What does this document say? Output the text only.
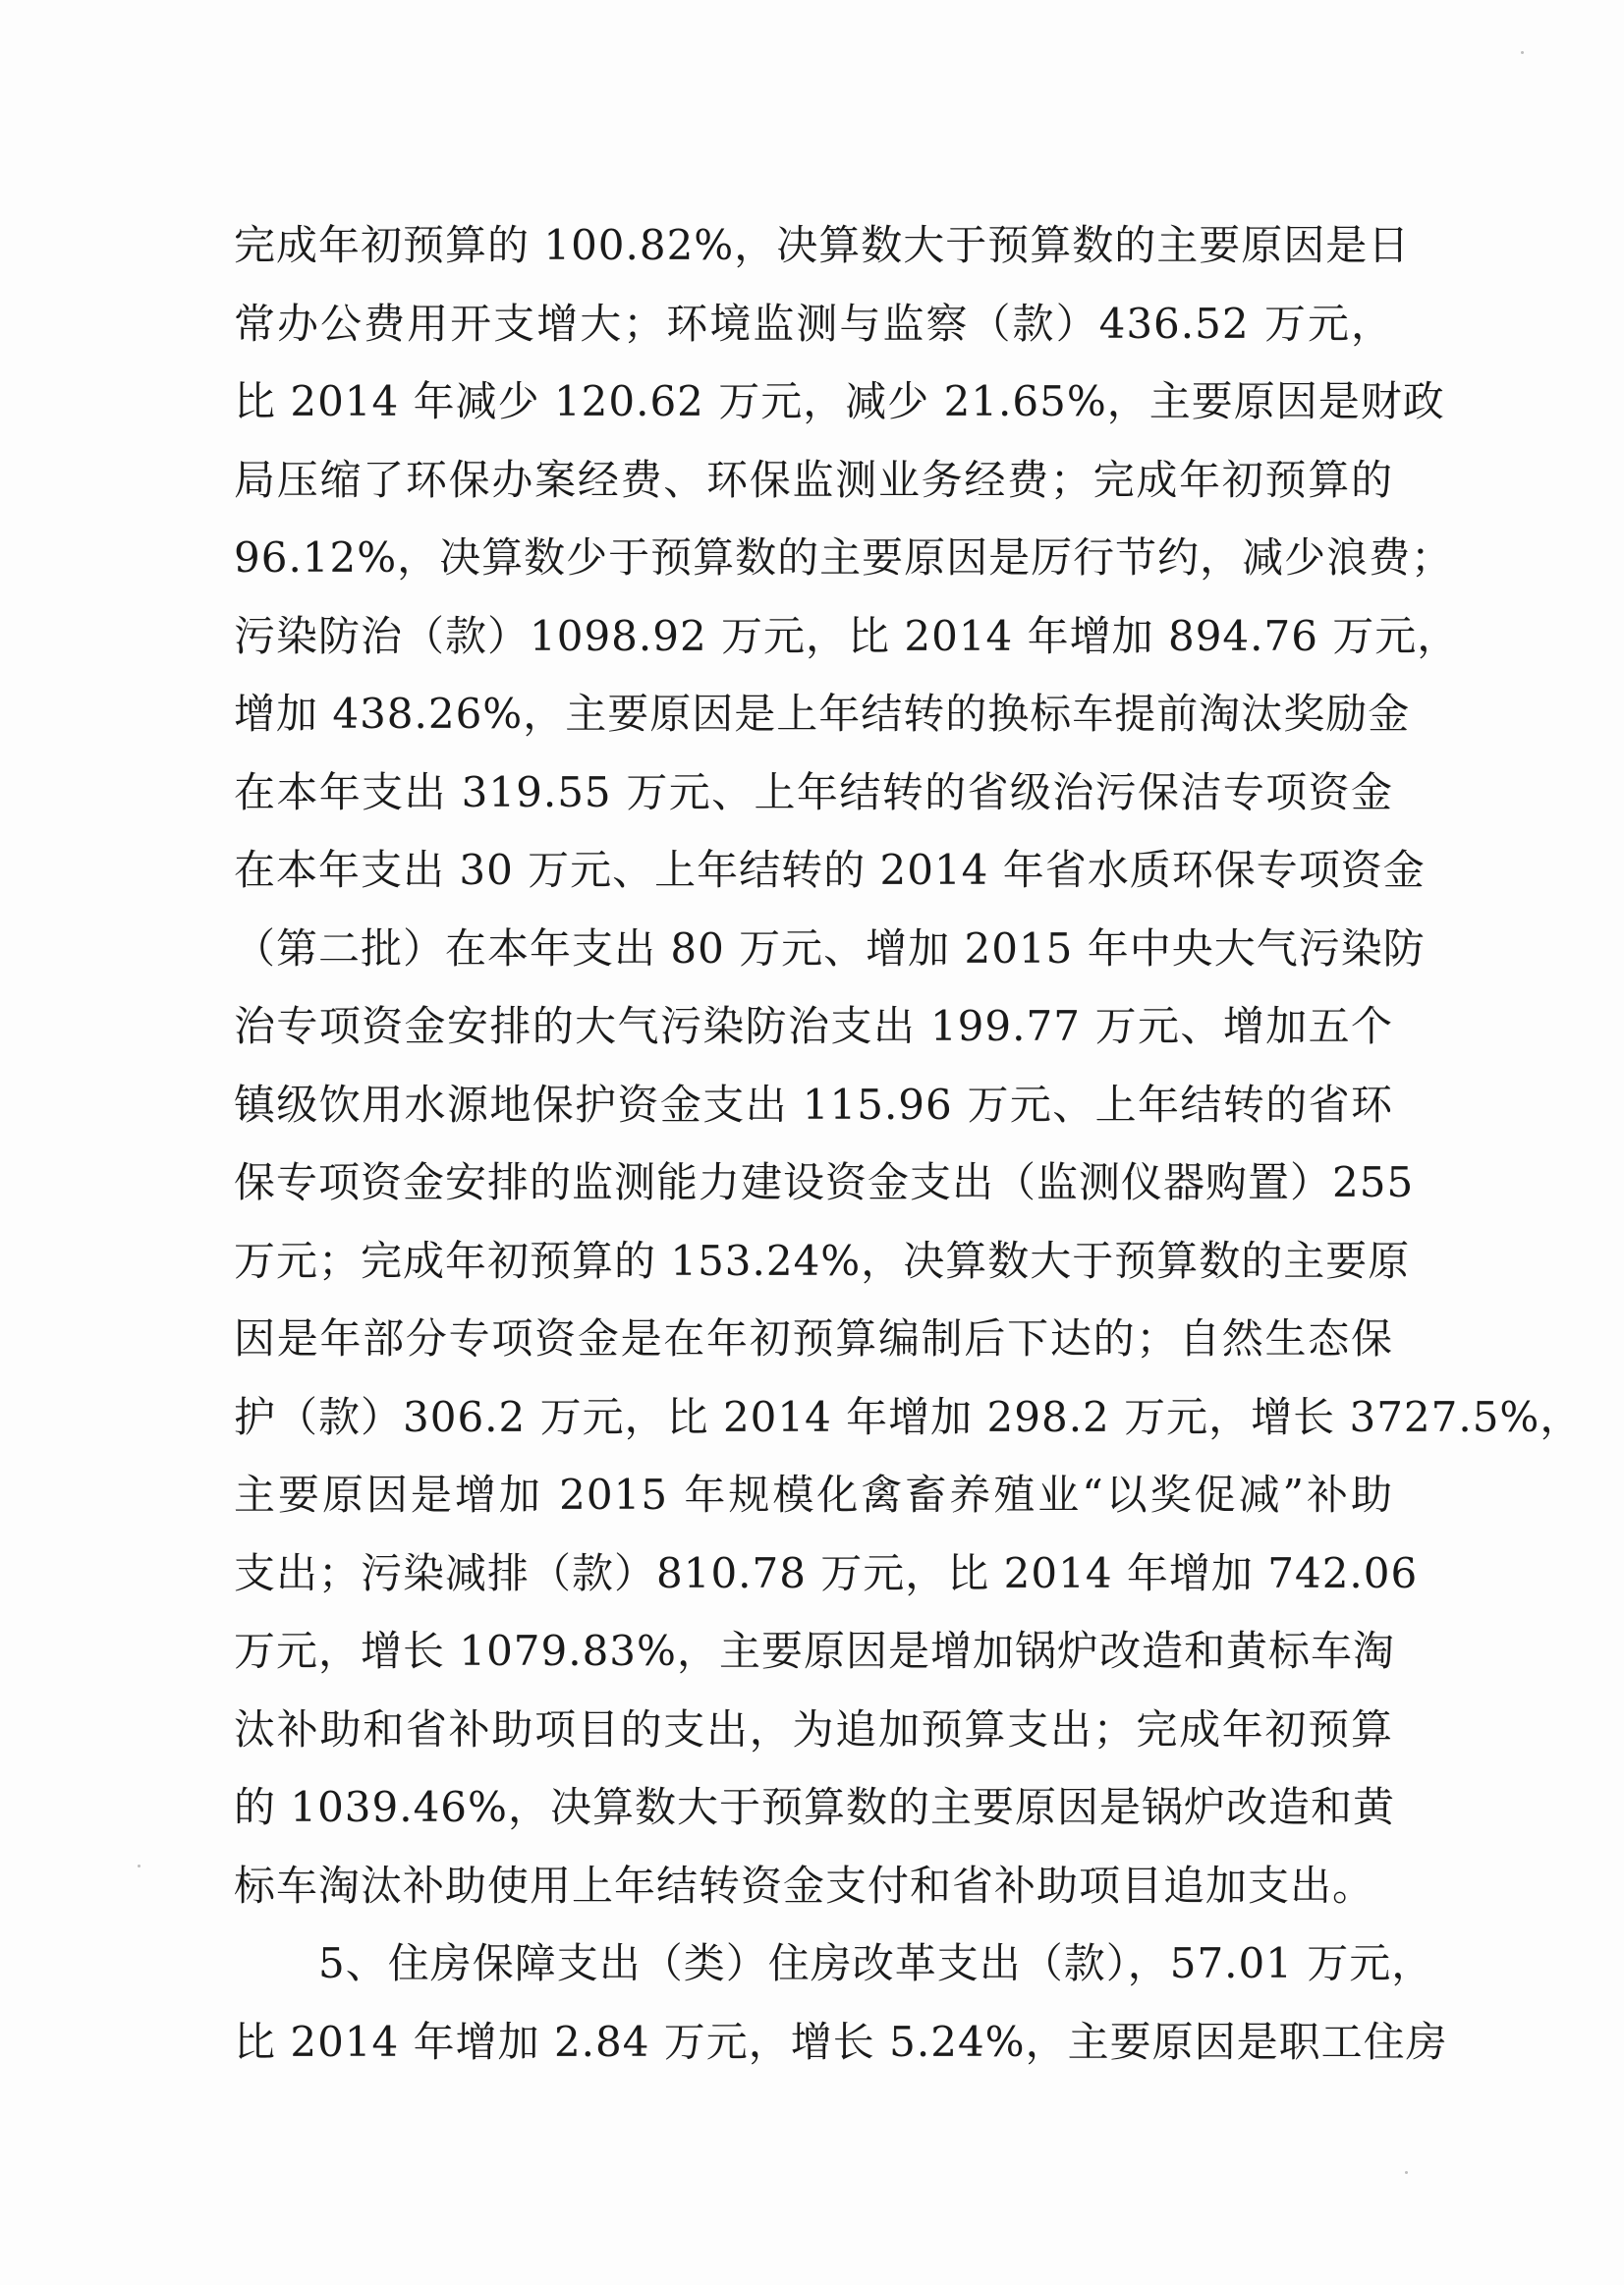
完成年初预算的 100.82%，决算数大于预算数的主要原因是日
常办公费用开支增大；环境监测与监察（款）436.52 万元，
比 2014 年减少 120.62 万元，减少 21.65%，主要原因是财政
局压缩了环保办案经费、环保监测业务经费；完成年初预算的
96.12%，决算数少于预算数的主要原因是厉行节约，减少浪费；
污染防治（款）1098.92 万元，比 2014 年增加 894.76 万元，
增加 438.26%，主要原因是上年结转的换标车提前淘汰奖励金
在本年支出 319.55 万元、上年结转的省级治污保洁专项资金
在本年支出 30 万元、上年结转的 2014 年省水质环保专项资金
（第二批）在本年支出 80 万元、增加 2015 年中央大气污染防
治专项资金安排的大气污染防治支出 199.77 万元、增加五个
镇级饮用水源地保护资金支出 115.96 万元、上年结转的省环
保专项资金安排的监测能力建设资金支出（监测仪器购置）255
万元；完成年初预算的 153.24%，决算数大于预算数的主要原
因是年部分专项资金是在年初预算编制后下达的；自然生态保
护（款）306.2 万元，比 2014 年增加 298.2 万元，增长 3727.5%，
主要原因是增加 2015 年规模化禽畜养殖业“以奖促减”补助
支出；污染减排（款）810.78 万元，比 2014 年增加 742.06
万元，增长 1079.83%，主要原因是增加锅炉改造和黄标车淘
汰补助和省补助项目的支出，为追加预算支出；完成年初预算
的 1039.46%，决算数大于预算数的主要原因是锅炉改造和黄
标车淘汰补助使用上年结转资金支付和省补助项目追加支出。
5、住房保障支出（类）住房改革支出（款），57.01 万元，
比 2014 年增加 2.84 万元，增长 5.24%，主要原因是职工住房
